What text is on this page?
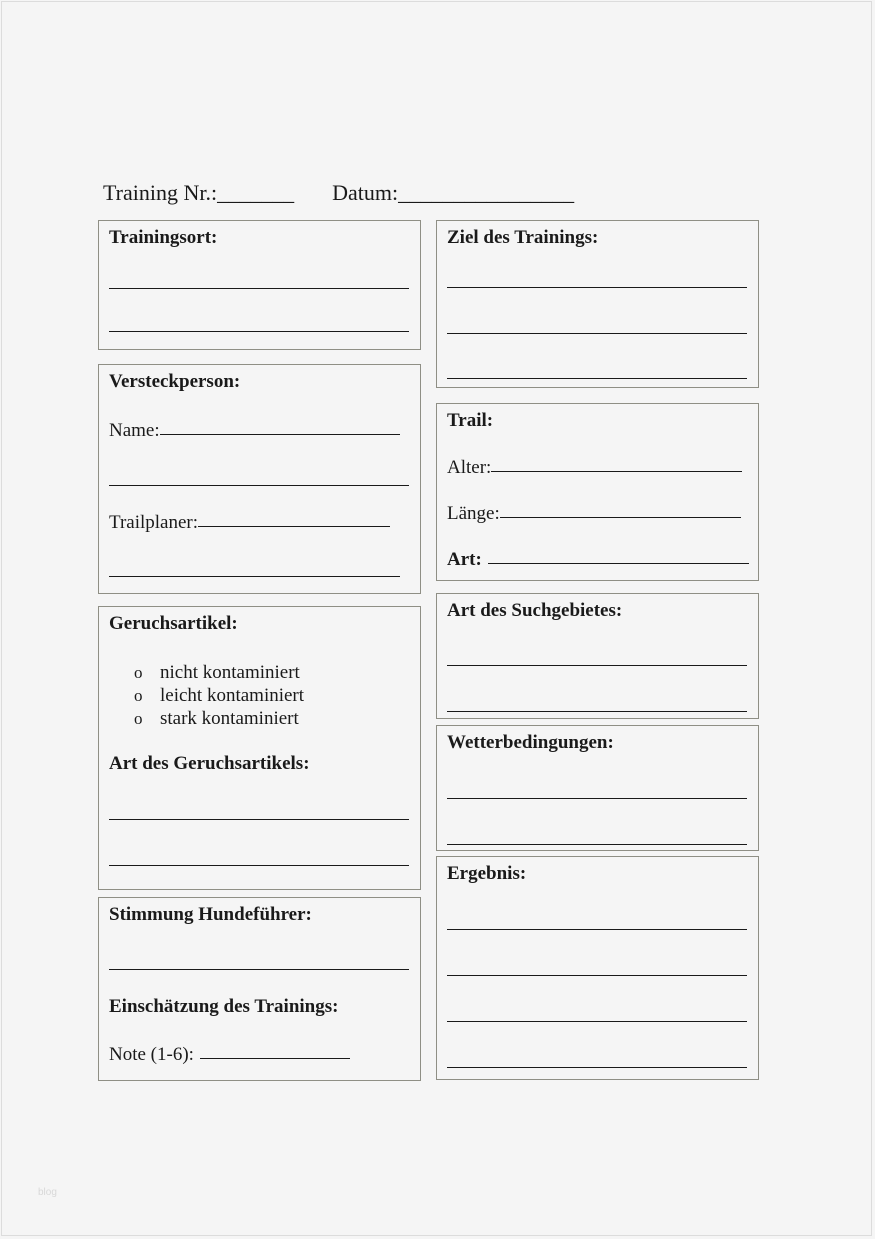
Training Nr.:_______ Datum:________________
Trainingsort:	Ziel des Trainings:
Versteckperson:
Name:
Trailplaner:
Trail:
Alter:
Länge:
Art:
Geruchsartikel:
o nicht kontaminiert
o leicht kontaminiert
o stark kontaminiert
Art des Geruchsartikels:
Art des Suchgebietes:
Wetterbedingungen:
Ergebnis:
Stimmung Hundeführer:
Einschätzung des Trainings:
Note (1-6):
blog
